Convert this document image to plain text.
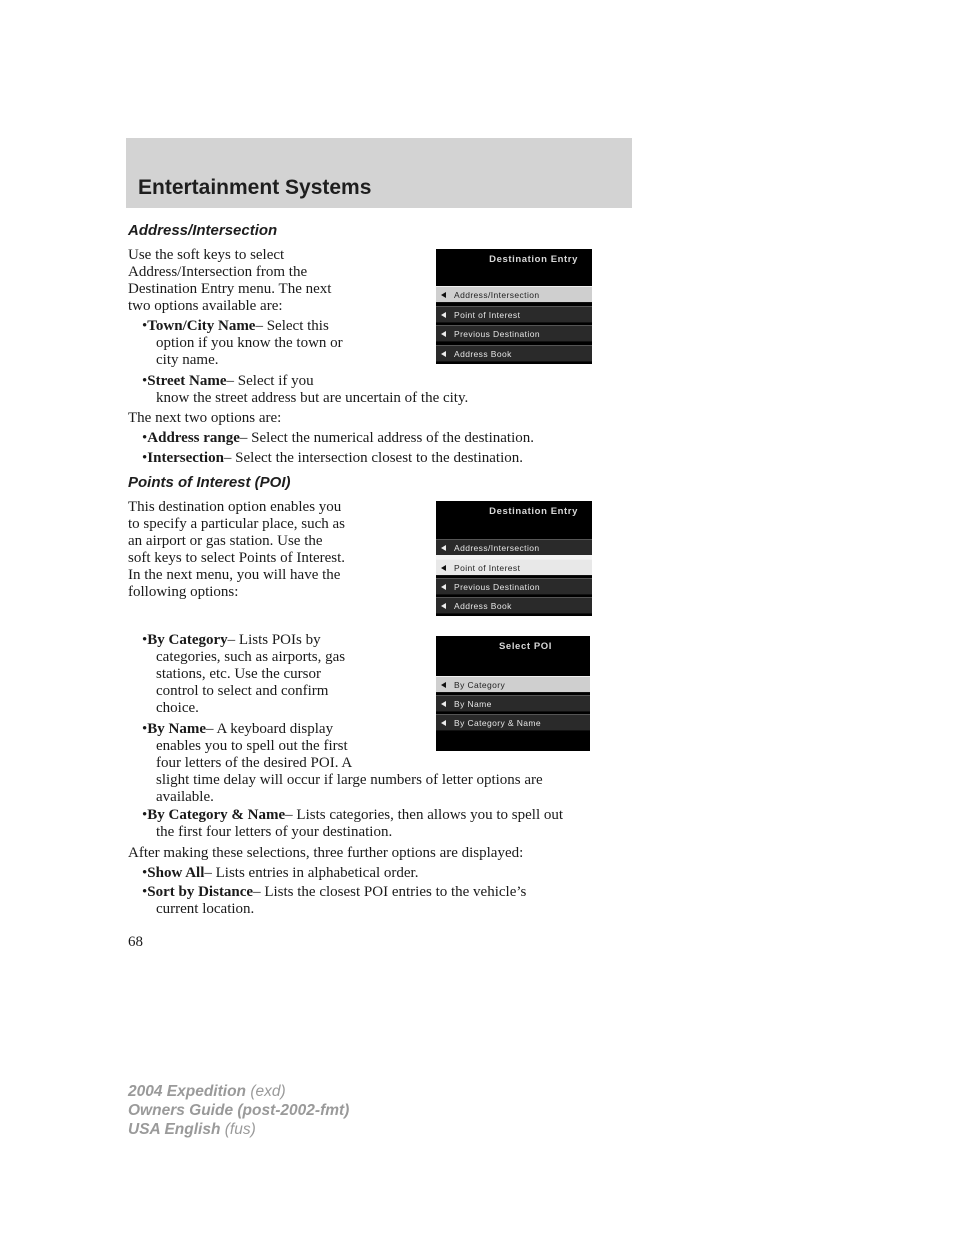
Entertainment Systems
Address/Intersection

Use the soft keys to select
Address/Intersection from the
Destination Entry menu. The next
two options available are:

•Town/City Name– Select this
option if you know the town or
city name.

•Street Name– Select if you
know the street address but are uncertain of the city.

The next two options are:

•Address range– Select the numerical address of the destination.

•Intersection– Select the intersection closest to the destination.

Destination Entry
Address/Intersection
Point of Interest
Previous Destination
Address Book
Points of Interest (POI)

This destination option enables you
to specify a particular place, such as
an airport or gas station. Use the
soft keys to select Points of Interest.
In the next menu, you will have the
following options:

Destination Entry
Address/Intersection
Point of Interest
Previous Destination
Address Book

•By Category– Lists POIs by
categories, such as airports, gas
stations, etc. Use the cursor
control to select and confirm
choice.

•By Name– A keyboard display
enables you to spell out the first
four letters of the desired POI. A
slight time delay will occur if large numbers of letter options are
available.

Select POI
By Category
By Name
By Category & Name

•By Category & Name– Lists categories, then allows you to spell out
the first four letters of your destination.

After making these selections, three further options are displayed:

•Show All– Lists entries in alphabetical order.

•Sort by Distance– Lists the closest POI entries to the vehicle’s
current location.

68

2004 Expedition (exd)
Owners Guide (post-2002-fmt)
USA English (fus)
